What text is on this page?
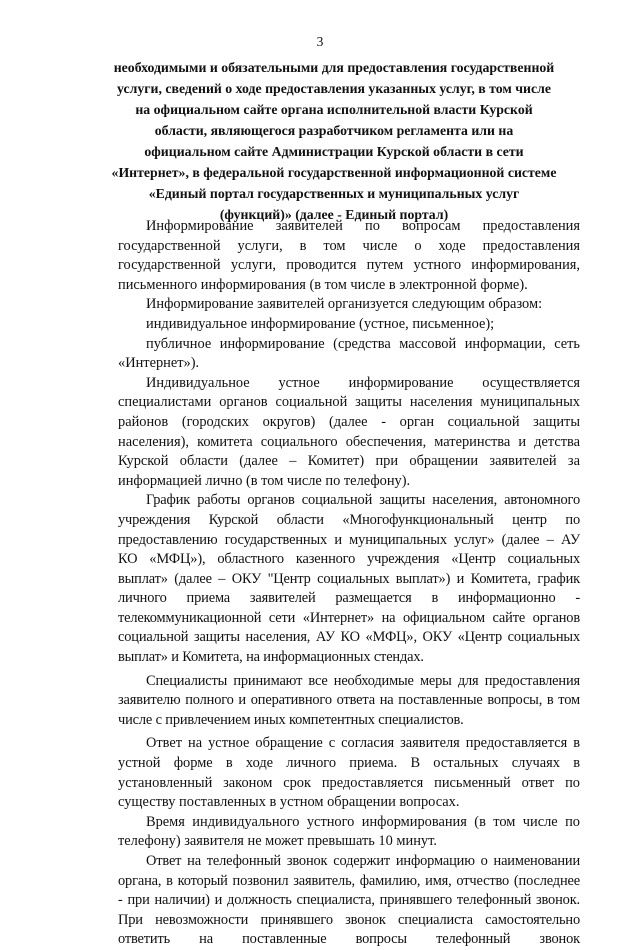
3
необходимыми и обязательными для предоставления государственной
услуги, сведений о ходе предоставления указанных услуг, в том числе
на официальном сайте органа исполнительной власти Курской
области, являющегося разработчиком регламента или на
официальном сайте Администрации Курской области в сети
«Интернет», в федеральной государственной информационной системе
«Единый портал государственных и муниципальных услуг
(функций)» (далее - Единый портал)
Информирование заявителей по вопросам предоставления
государственной услуги, в том числе о ходе предоставления
государственной услуги, проводится путем устного информирования,
письменного информирования (в том числе в электронной форме).
Информирование заявителей организуется следующим образом:
индивидуальное информирование (устное, письменное);
публичное информирование (средства массовой информации, сеть
«Интернет»).
Индивидуальное устное информирование осуществляется
специалистами органов социальной защиты населения муниципальных
районов (городских округов) (далее - орган социальной защиты
населения), комитета социального обеспечения, материнства и детства
Курской области (далее – Комитет) при обращении заявителей за
информацией лично (в том числе по телефону).
График работы органов социальной защиты населения, автономного
учреждения Курской области «Многофункциональный центр по
предоставлению государственных и муниципальных услуг» (далее – АУ
КО «МФЦ»), областного казенного учреждения «Центр социальных
выплат» (далее – ОКУ "Центр социальных выплат») и Комитета, график
личного приема заявителей размещается в информационно -
телекоммуникационной сети «Интернет» на официальном сайте органов
социальной защиты населения, АУ КО «МФЦ», ОКУ «Центр социальных
выплат» и Комитета, на информационных стендах.
Специалисты принимают все необходимые меры для предоставления
заявителю полного и оперативного ответа на поставленные вопросы, в том
числе с привлечением иных компетентных специалистов.
Ответ на устное обращение с согласия заявителя предоставляется в
устной форме в ходе личного приема. В остальных случаях в
установленный законом срок предоставляется письменный ответ по
существу поставленных в устном обращении вопросах.
Время индивидуального устного информирования (в том числе по
телефону) заявителя не может превышать 10 минут.
Ответ на телефонный звонок содержит информацию о наименовании
органа, в который позвонил заявитель, фамилию, имя, отчество (последнее
- при наличии) и должность специалиста, принявшего телефонный звонок.
При невозможности принявшего звонок специалиста самостоятельно
ответить на поставленные вопросы телефонный звонок
